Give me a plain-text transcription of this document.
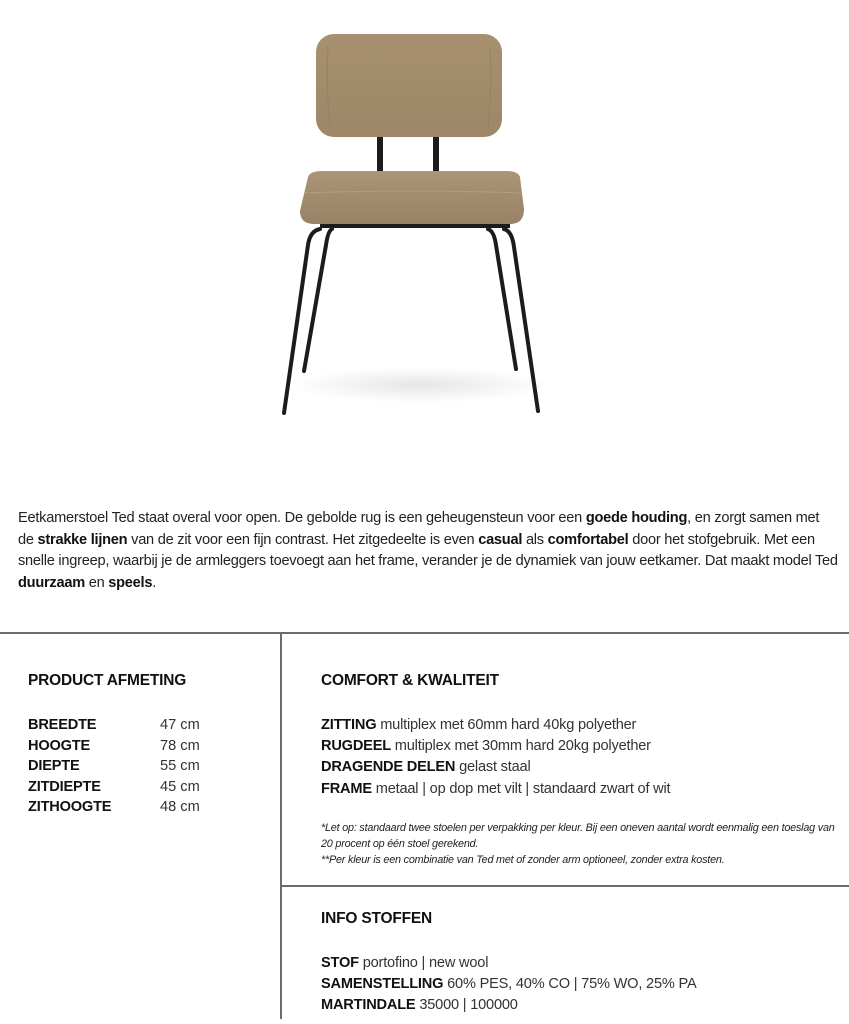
Eetkamerstoel Ted staat overal voor open. De gebolde rug is een geheugensteun voor een goede houding, en zorgt samen met de strakke lijnen van de zit voor een fijn contrast. Het zitgedeelte is even casual als comfortabel door het stofgebruik. Met een snelle ingreep, waarbij je de armleggers toevoegt aan het frame, verander je de dynamiek van jouw eetkamer. Dat maakt model Ted duurzaam en speels.

PRODUCT AFMETING
BREEDTE	47 cm
HOOGTE	78 cm
DIEPTE	55 cm
ZITDIEPTE	45 cm
ZITHOOGTE	48 cm
COMFORT & KWALITEIT
ZITTING multiplex met 60mm hard 40kg polyether
RUGDEEL multiplex met 30mm hard 20kg polyether
DRAGENDE DELEN gelast staal
FRAME metaal | op dop met vilt | standaard zwart of wit
*Let op: standaard twee stoelen per verpakking per kleur. Bij een oneven aantal wordt eenmalig een toeslag van 20 procent op één stoel gerekend.
**Per kleur is een combinatie van Ted met of zonder arm optioneel, zonder extra kosten.
INFO STOFFEN
STOF portofino | new wool
SAMENSTELLING 60% PES, 40% CO | 75% WO, 25% PA
MARTINDALE 35000 | 100000
